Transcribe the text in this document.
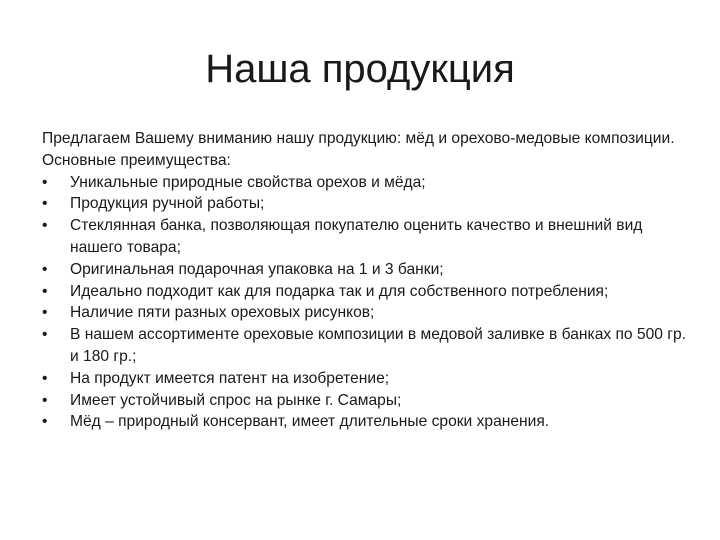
Наша продукция

Предлагаем Вашему вниманию нашу продукцию: мёд и орехово-медовые композиции. Основные преимущества:

•	Уникальные природные свойства орехов и мёда;
•	Продукция ручной работы;
•	Стеклянная банка, позволяющая покупателю оценить качество и внешний вид нашего товара;
•	Оригинальная подарочная упаковка на 1 и 3 банки;
•	Идеально подходит как для подарка так и для собственного потребления;
•	Наличие пяти разных ореховых рисунков;
•	В нашем ассортименте ореховые композиции в медовой заливке в банках по 500 гр. и 180 гр.;
•	На продукт имеется патент на изобретение;
•	Имеет устойчивый спрос на рынке г. Самары;
•	Мёд – природный консервант, имеет длительные сроки хранения.
